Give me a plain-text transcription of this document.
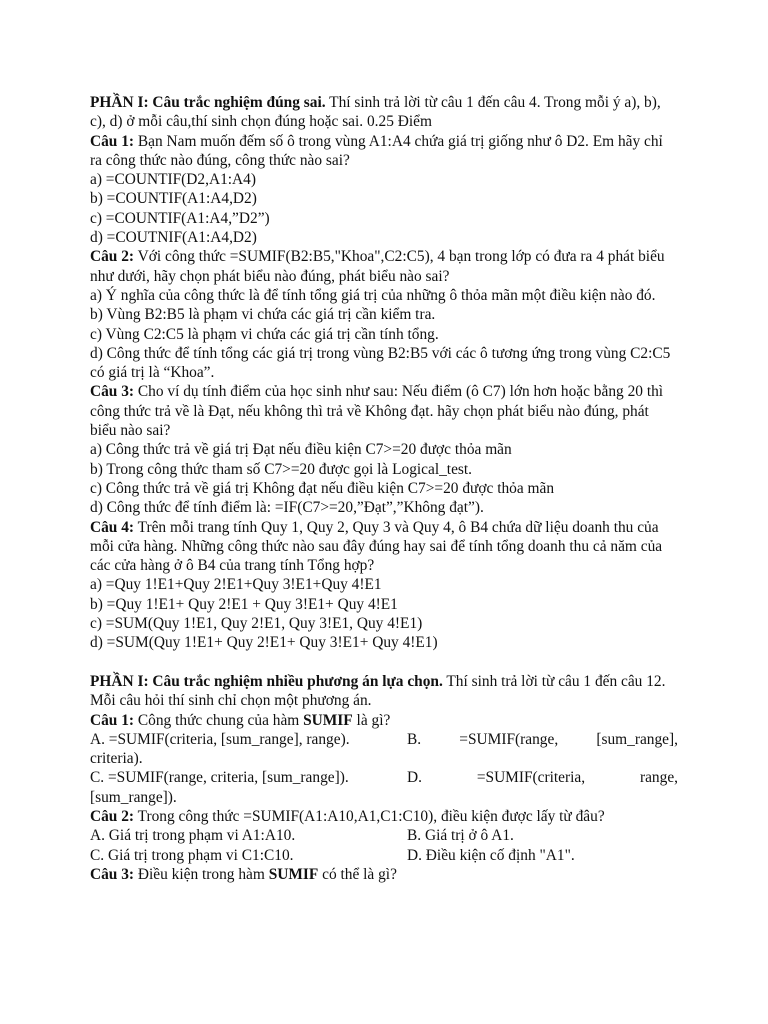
PHẦN I: Câu trắc nghiệm đúng sai. Thí sinh trả lời từ câu 1 đến câu 4. Trong mỗi ý a), b), c), d) ở mỗi câu,thí sinh chọn đúng hoặc sai. 0.25 Điểm
Câu 1: Bạn Nam muốn đếm số ô trong vùng A1:A4 chứa giá trị giống như ô D2. Em hãy chỉ ra công thức nào đúng, công thức nào sai?
a) =COUNTIF(D2,A1:A4)
b) =COUNTIF(A1:A4,D2)
c) =COUNTIF(A1:A4,”D2”)
d) =COUTNIF(A1:A4,D2)
Câu 2: Với công thức =SUMIF(B2:B5,"Khoa",C2:C5), 4 bạn trong lớp có đưa ra 4 phát biểu như dưới, hãy chọn phát biểu nào đúng, phát biểu nào sai?
a) Ý nghĩa của công thức là để tính tổng giá trị của những ô thỏa mãn một điều kiện nào đó.
b) Vùng B2:B5 là phạm vi chứa các giá trị cần kiểm tra.
c) Vùng C2:C5 là phạm vi chứa các giá trị cần tính tổng.
d) Công thức để tính tổng các giá trị trong vùng B2:B5 với các ô tương ứng trong vùng C2:C5 có giá trị là “Khoa”.
Câu 3: Cho ví dụ tính điểm của học sinh như sau: Nếu điểm (ô C7) lớn hơn hoặc bằng 20 thì công thức trả về là Đạt, nếu không thì trả về Không đạt. hãy chọn phát biểu nào đúng, phát biểu nào sai?
a) Công thức trả về giá trị Đạt nếu điều kiện C7>=20 được thỏa mãn
b) Trong công thức tham số C7>=20 được gọi là Logical_test.
c) Công thức trả về giá trị Không đạt nếu điều kiện C7>=20 được thỏa mãn
d) Công thức để tính điểm là: =IF(C7>=20,”Đạt”,”Không đạt”).
Câu 4: Trên mỗi trang tính Quy 1, Quy 2, Quy 3 và Quy 4, ô B4 chứa dữ liệu doanh thu của mỗi cửa hàng. Những công thức nào sau đây đúng hay sai để tính tổng doanh thu cả năm của các cửa hàng ở ô B4 của trang tính Tổng hợp?
a) =Quy 1!E1+Quy 2!E1+Quy 3!E1+Quy 4!E1
b) =Quy 1!E1+ Quy 2!E1 + Quy 3!E1+ Quy 4!E1
c) =SUM(Quy 1!E1, Quy 2!E1, Quy 3!E1, Quy 4!E1)
d) =SUM(Quy 1!E1+ Quy 2!E1+ Quy 3!E1+ Quy 4!E1)
PHẦN I: Câu trắc nghiệm nhiều phương án lựa chọn. Thí sinh trả lời từ câu 1 đến câu 12.
Mỗi câu hỏi thí sinh chỉ chọn một phương án.
Câu 1: Công thức chung của hàm SUMIF là gì?
A. =SUMIF(criteria, [sum_range], range).	B. =SUMIF(range, [sum_range],
criteria).
C. =SUMIF(range, criteria, [sum_range]).	D.	=SUMIF(criteria,	range,
[sum_range]).
Câu 2: Trong công thức =SUMIF(A1:A10,A1,C1:C10), điều kiện được lấy từ đâu?
A. Giá trị trong phạm vi A1:A10.	B. Giá trị ở ô A1.
C. Giá trị trong phạm vi C1:C10.	D. Điều kiện cố định "A1".
Câu 3: Điều kiện trong hàm SUMIF có thể là gì?
